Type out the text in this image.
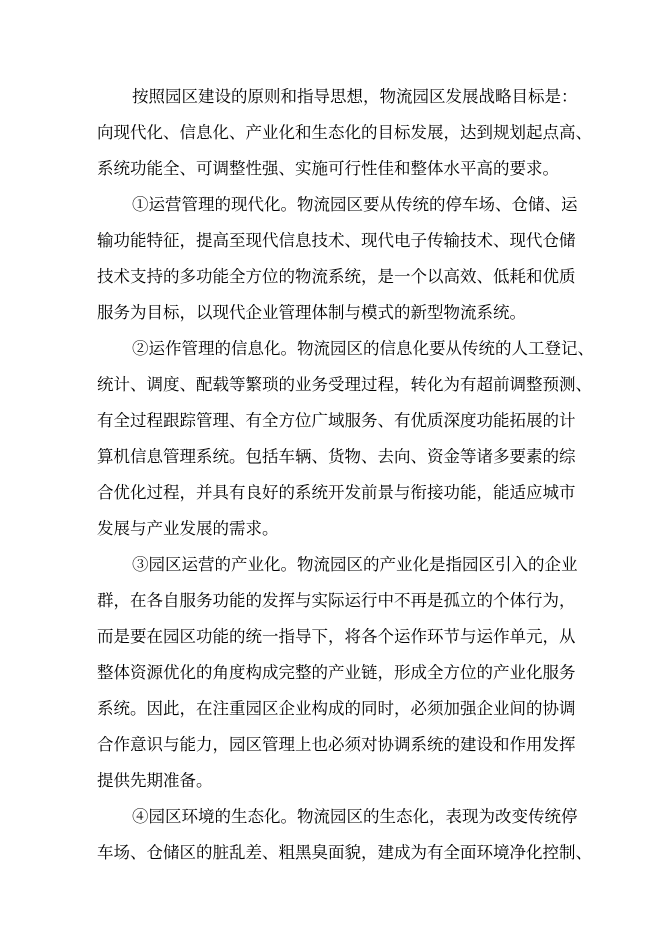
按照园区建设的原则和指导思想，物流园区发展战略目标是：
向现代化、信息化、产业化和生态化的目标发展，达到规划起点高、
系统功能全、可调整性强、实施可行性佳和整体水平高的要求。
①运营管理的现代化。物流园区要从传统的停车场、仓储、运
输功能特征，提高至现代信息技术、现代电子传输技术、现代仓储
技术支持的多功能全方位的物流系统，是一个以高效、低耗和优质
服务为目标，以现代企业管理体制与模式的新型物流系统。
②运作管理的信息化。物流园区的信息化要从传统的人工登记、
统计、调度、配载等繁琐的业务受理过程，转化为有超前调整预测、
有全过程跟踪管理、有全方位广域服务、有优质深度功能拓展的计
算机信息管理系统。包括车辆、货物、去向、资金等诸多要素的综
合优化过程，并具有良好的系统开发前景与衔接功能，能适应城市
发展与产业发展的需求。
③园区运营的产业化。物流园区的产业化是指园区引入的企业
群，在各自服务功能的发挥与实际运行中不再是孤立的个体行为，
而是要在园区功能的统一指导下，将各个运作环节与运作单元，从
整体资源优化的角度构成完整的产业链，形成全方位的产业化服务
系统。因此，在注重园区企业构成的同时，必须加强企业间的协调
合作意识与能力，园区管理上也必须对协调系统的建设和作用发挥
提供先期准备。
④园区环境的生态化。物流园区的生态化，表现为改变传统停
车场、仓储区的脏乱差、粗黑臭面貌，建成为有全面环境净化控制、
